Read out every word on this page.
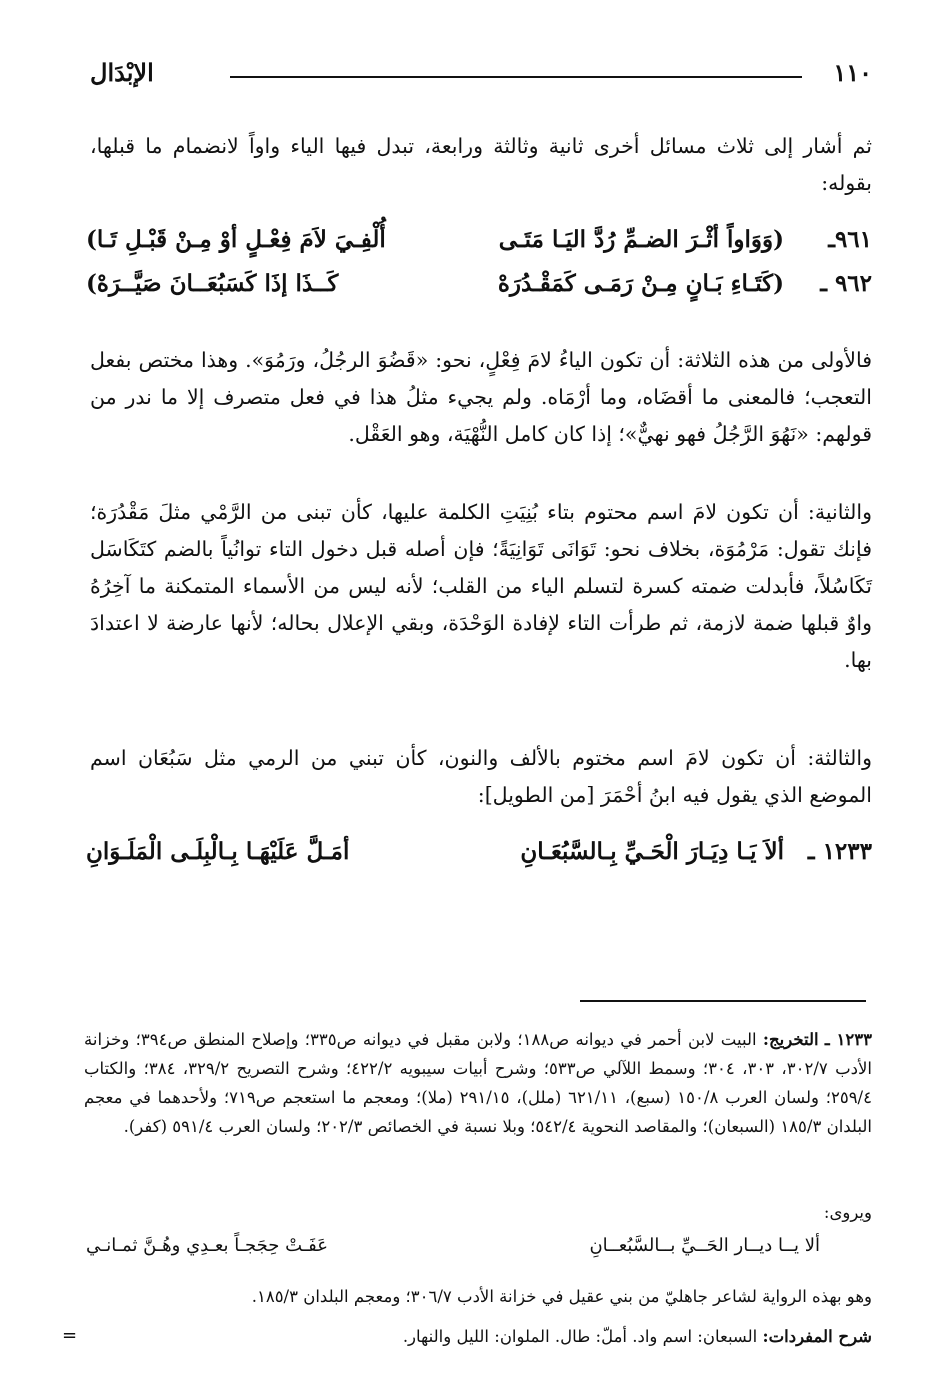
١١٠
الإبْدَال
ثم أشار إلى ثلاث مسائل أخرى ثانية وثالثة ورابعة، تبدل فيها الياء واواً لانضمام ما قبلها، بقوله:
٩٦١ـ
(وَوَاواً أثْـرَ الضـمِّ رُدَّ اليَـا مَتَـى
أُلْفِـيَ لاَمَ فِعْـلٍ أوْ مِـنْ قَبْـلِ تَـا)
٩٦٢ ـ
(كَتَـاءِ بَـانٍ مِـنْ رَمَـى كَمَقْـدُرَهْ
كَــذَا إذَا كَسَبُعَــانَ صَيَّــرَهْ)
فالأولى من هذه الثلاثة: أن تكون الياءُ لامَ فِعْلٍ، نحو: «قَضُوَ الرجُلُ، ورَمُوَ». وهذا مختص بفعل التعجب؛ فالمعنى ما أقضَاه، وما أرْمَاه. ولم يجيء مثلُ هذا في فعل متصرف إلا ما ندر من قولهم: «نَهُوَ الرَّجُلُ فهو نهيٌّ»؛ إذا كان كامل النُّهْيَة، وهو العَقْل.
والثانية: أن تكون لامَ اسم محتوم بتاء بُنِيَتِ الكلمة عليها، كأن تبنى من الرَّمْي مثلَ مَقْدُرَة؛ فإنك تقول: مَرْمُوَة، بخلاف نحو: تَوَانَى تَوَانِيَةً؛ فإن أصله قبل دخول التاء توانُياً بالضم كتَكَاسَل تَكَاسُلاً، فأبدلت ضمته كسرة لتسلم الياء من القلب؛ لأنه ليس من الأسماء المتمكنة ما آخِرُهُ واوٌ قبلها ضمة لازمة، ثم طرأت التاء لإفادة الوَحْدَة، وبقي الإعلال بحاله؛ لأنها عارضة لا اعتدادَ بها.
والثالثة: أن تكون لامَ اسم مختوم بالألف والنون، كأن تبني من الرمي مثل سَبُعَان اسم الموضع الذي يقول فيه ابنُ أحْمَرَ [من الطويل]:
١٢٣٣ ـ
ألاَ يَـا دِيَـارَ الْحَـيِّ بِـالسَّبُعَـانِ
أمَـلَّ عَلَيْهَـا بِـالْبِلَـى الْمَلَـوَانِ
١٢٣٣ ـ التخريج: البيت لابن أحمر في ديوانه ص١٨٨؛ ولابن مقبل في ديوانه ص٣٣٥؛ وإصلاح المنطق ص٣٩٤؛ وخزانة الأدب ٣٠٢/٧، ٣٠٣، ٣٠٤؛ وسمط اللآلي ص٥٣٣؛ وشرح أبيات سيبويه ٤٢٢/٢؛ وشرح التصريح ٣٢٩/٢، ٣٨٤؛ والكتاب ٢٥٩/٤؛ ولسان العرب ١٥٠/٨ (سبع)، ٦٢١/١١ (ملل)، ٢٩١/١٥ (ملا)؛ ومعجم ما استعجم ص٧١٩؛ ولأحدهما في معجم البلدان ١٨٥/٣ (السبعان)؛ والمقاصد النحوية ٥٤٢/٤؛ وبلا نسبة في الخصائص ٢٠٢/٣؛ ولسان العرب ٥٩١/٤ (كفر).
ويروى:
ألا يــا ديــار الحَــيِّ بــالسَّبُعــانِ
عَفَـتْ حِجَجـاً بعـدِي وهُـنَّ ثمـانـي
وهو بهذه الرواية لشاعر جاهليّ من بني عقيل في خزانة الأدب ٣٠٦/٧؛ ومعجم البلدان ١٨٥/٣.
شرح المفردات: السبعان: اسم واد. أملّ: طال. الملوان: الليل والنهار.
=
